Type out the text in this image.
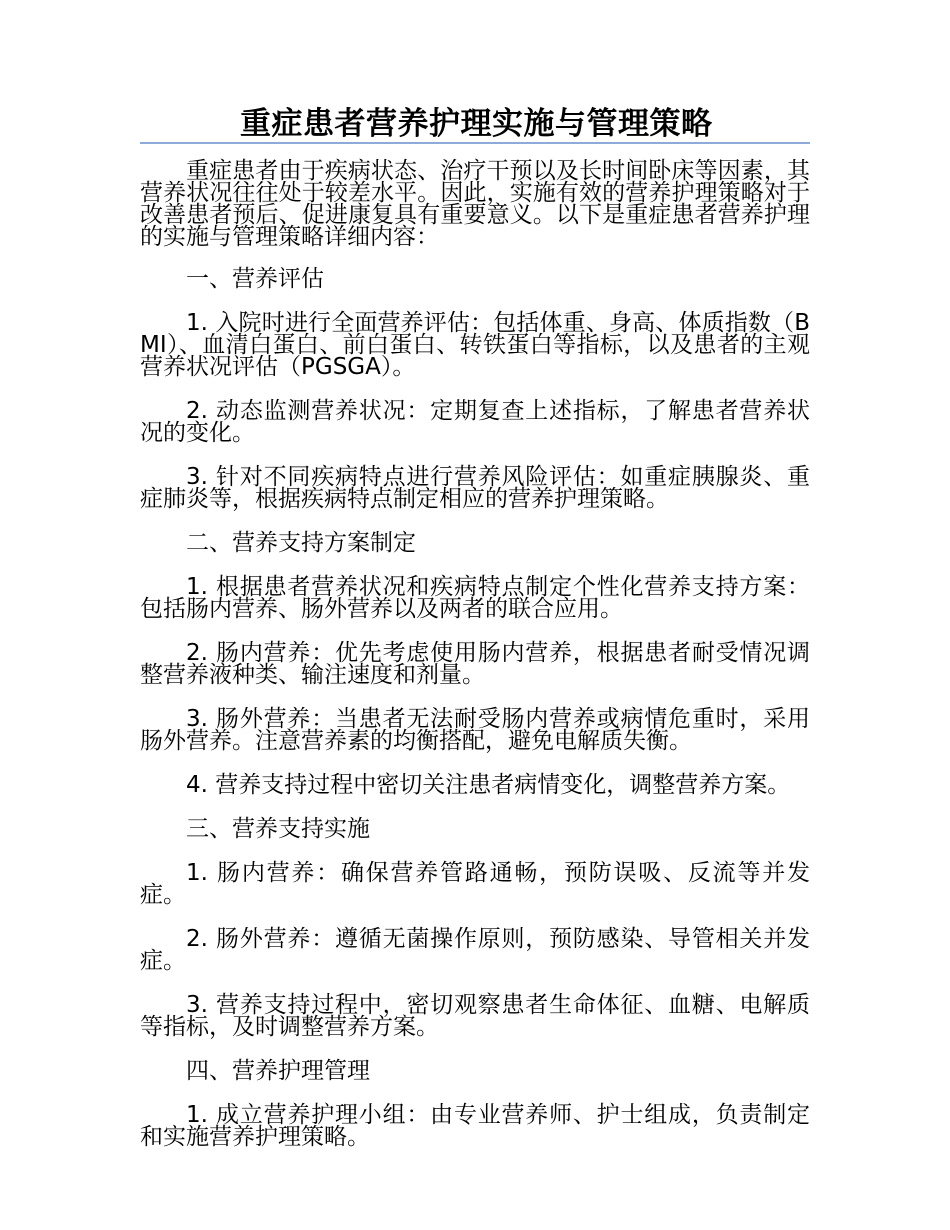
重症患者营养护理实施与管理策略

重症患者由于疾病状态、治疗干预以及长时间卧床等因素，其营养状况往往处于较差水平。因此，实施有效的营养护理策略对于改善患者预后、促进康复具有重要意义。以下是重症患者营养护理的实施与管理策略详细内容：

一、营养评估

1. 入院时进行全面营养评估：包括体重、身高、体质指数（BMI）、血清白蛋白、前白蛋白、转铁蛋白等指标，以及患者的主观营养状况评估（PGSGA）。

2. 动态监测营养状况：定期复查上述指标，了解患者营养状况的变化。

3. 针对不同疾病特点进行营养风险评估：如重症胰腺炎、重症肺炎等，根据疾病特点制定相应的营养护理策略。

二、营养支持方案制定

1. 根据患者营养状况和疾病特点制定个性化营养支持方案：包括肠内营养、肠外营养以及两者的联合应用。

2. 肠内营养：优先考虑使用肠内营养，根据患者耐受情况调整营养液种类、输注速度和剂量。

3. 肠外营养：当患者无法耐受肠内营养或病情危重时，采用肠外营养。注意营养素的均衡搭配，避免电解质失衡。

4. 营养支持过程中密切关注患者病情变化，调整营养方案。

三、营养支持实施

1. 肠内营养：确保营养管路通畅，预防误吸、反流等并发症。

2. 肠外营养：遵循无菌操作原则，预防感染、导管相关并发症。

3. 营养支持过程中，密切观察患者生命体征、血糖、电解质等指标，及时调整营养方案。

四、营养护理管理

1. 成立营养护理小组：由专业营养师、护士组成，负责制定和实施营养护理策略。
